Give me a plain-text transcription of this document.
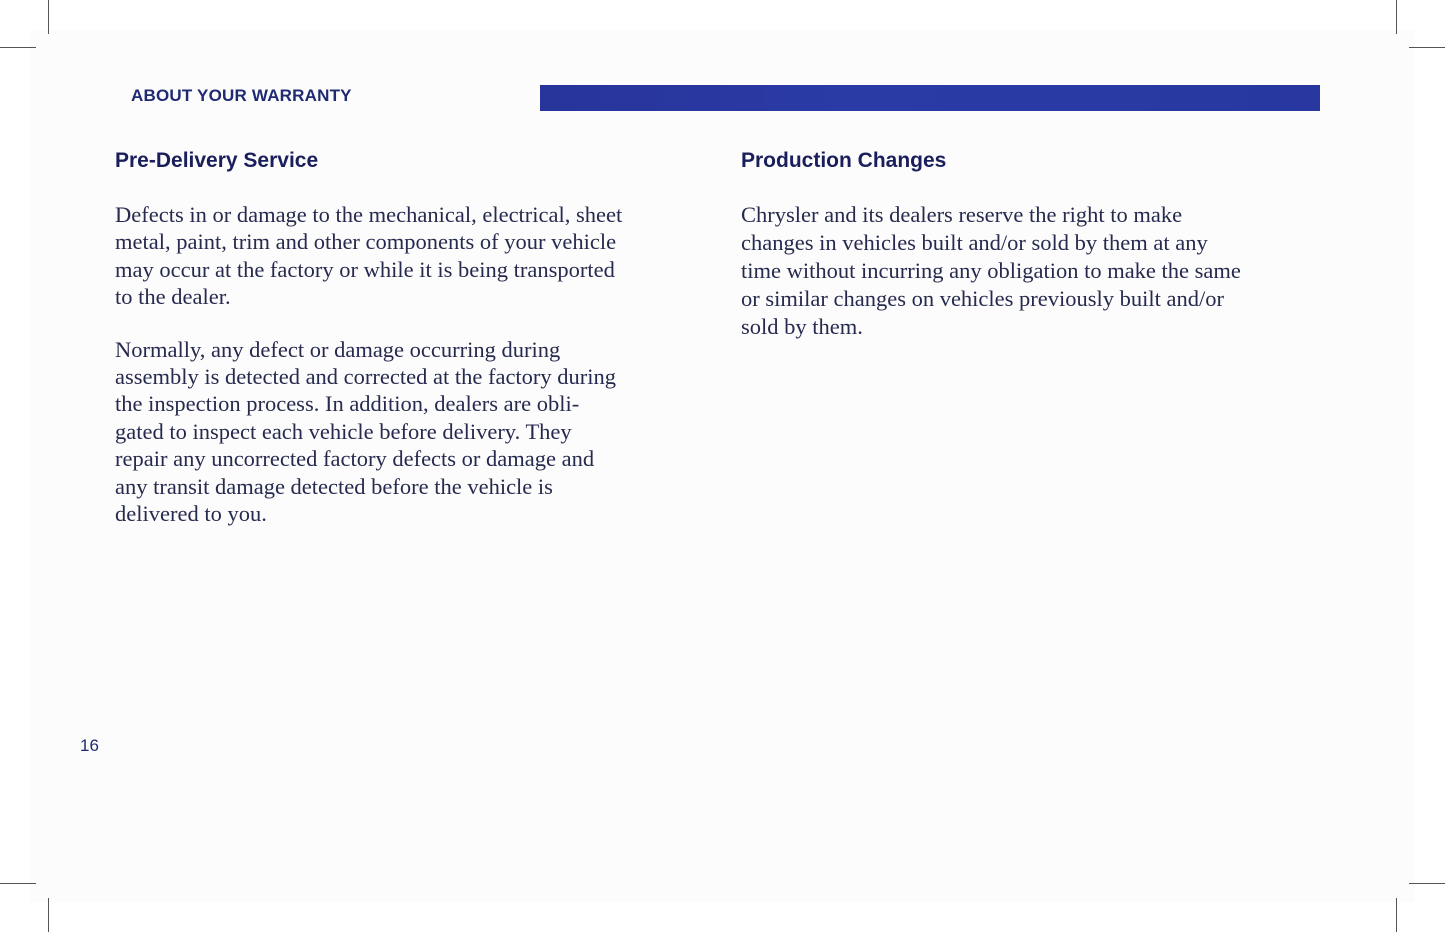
ABOUT YOUR WARRANTY
Pre-Delivery Service

Defects in or damage to the mechanical, electrical, sheet
metal, paint, trim and other components of your vehicle
may occur at the factory or while it is being transported
to the dealer.

Normally, any defect or damage occurring during
assembly is detected and corrected at the factory during
the inspection process. In addition, dealers are obli-
gated to inspect each vehicle before delivery. They
repair any uncorrected factory defects or damage and
any transit damage detected before the vehicle is
delivered to you.

Production Changes

Chrysler and its dealers reserve the right to make
changes in vehicles built and/or sold by them at any
time without incurring any obligation to make the same
or similar changes on vehicles previously built and/or
sold by them.

16
